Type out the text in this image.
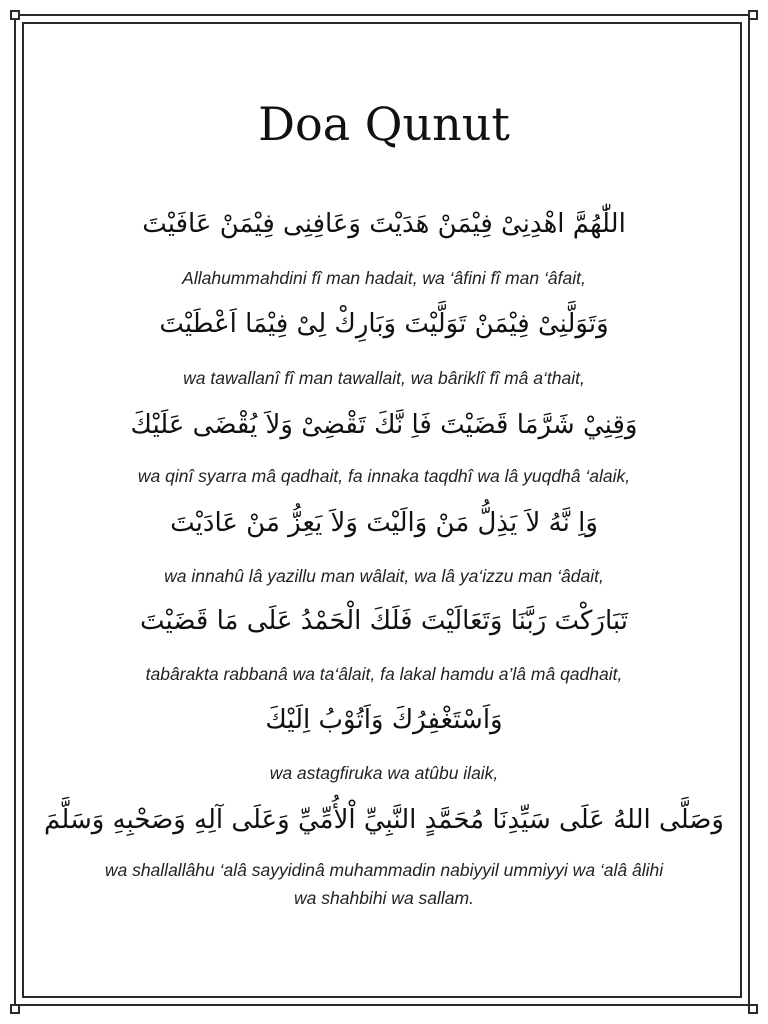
Doa Qunut
اللّٰهُمَّ اهْدِنِىْ فِيْمَنْ هَدَيْتَ وَعَافِنِى فِيْمَنْ عَافَيْتَ
Allahummahdini fî man hadait, wa ‘âfini fî man ‘âfait,
وَتَوَلَّنِىْ فِيْمَنْ تَوَلَّيْتَ وَبَارِكْ لِىْ فِيْمَا اَعْطَيْتَ
wa tawallanî fî man tawallait, wa bâriklî fî mâ a‘thait,
وَقِنِيْ شَرَّمَا قَضَيْتَ فَاِ نَّكَ تَقْضِىْ وَلاَ يُقْضَى عَلَيْكَ
wa qinî syarra mâ qadhait, fa innaka taqdhî wa lâ yuqdhâ ‘alaik,
وَاِ نَّهُ لاَ يَذِلُّ مَنْ وَالَيْتَ وَلاَ يَعِزُّ مَنْ عَادَيْتَ
wa innahû lâ yazillu man wâlait, wa lâ ya‘izzu man ‘âdait,
تَبَارَكْتَ رَبَّنَا وَتَعَالَيْتَ فَلَكَ الْحَمْدُ عَلَى مَا قَضَيْتَ
tabârakta rabbanâ wa ta‘âlait, fa lakal hamdu a’lâ mâ qadhait,
وَاَسْتَغْفِرُكَ وَاَتُوْبُ اِلَيْكَ
wa astagfiruka wa atûbu ilaik,
وَصَلَّى اللهُ عَلَى سَيِّدِنَا مُحَمَّدٍ النَّبِيِّ اْلأُمِّيِّ وَعَلَى آلِهِ وَصَحْبِهِ وَسَلَّمَ
wa shallallâhu ‘alâ sayyidinâ muhammadin nabiyyil ummiyyi wa ‘alâ âlihi
wa shahbihi wa sallam.
